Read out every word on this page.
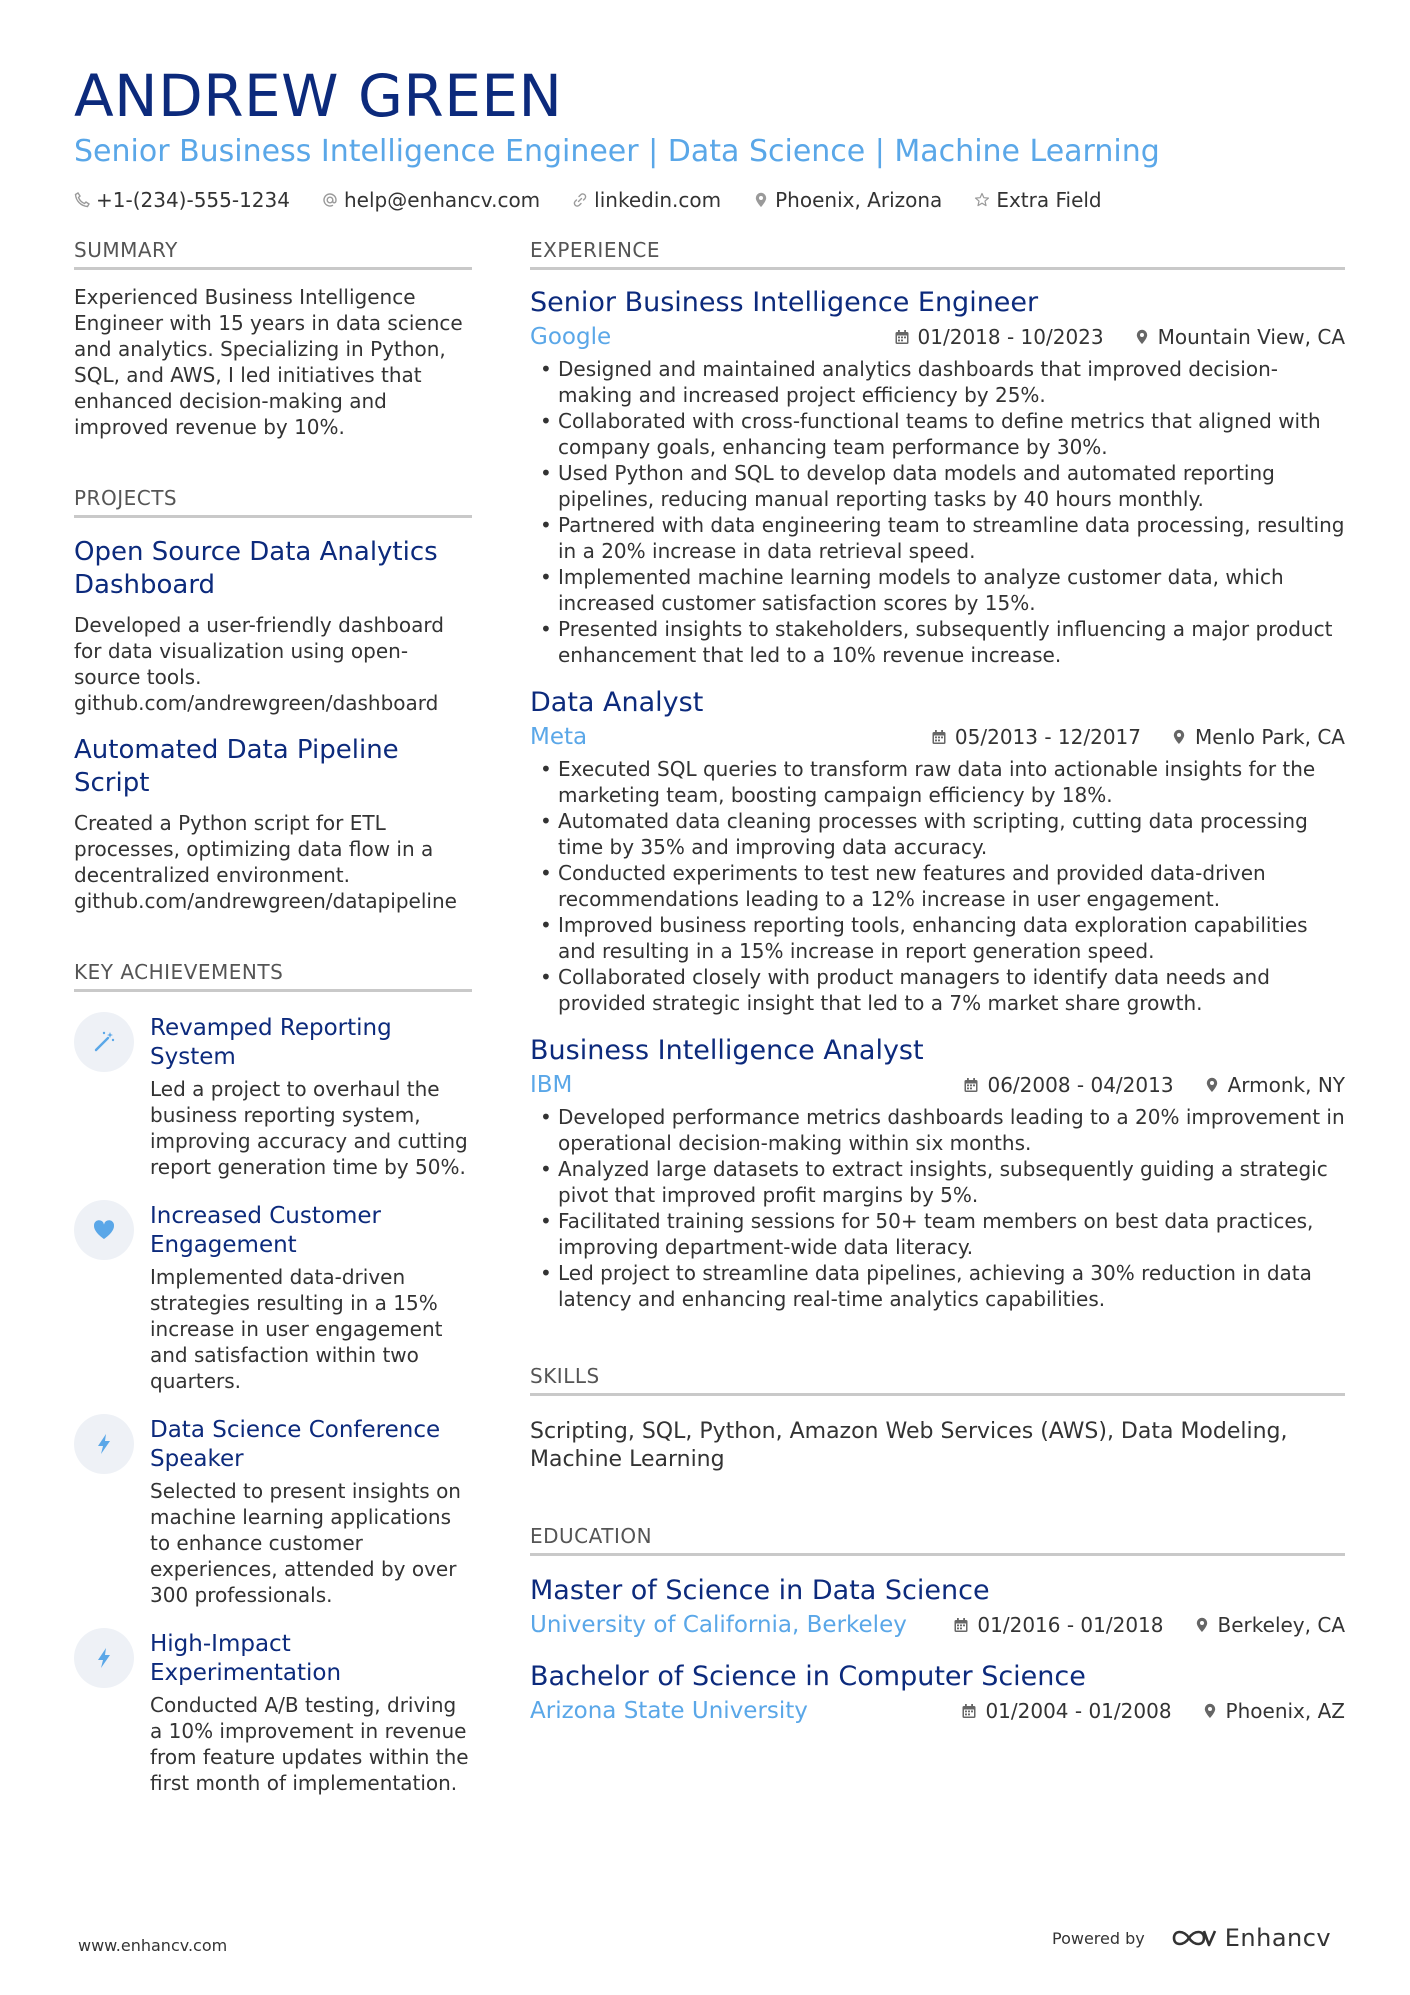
ANDREW GREEN
Senior Business Intelligence Engineer | Data Science | Machine Learning
+1-(234)-555-1234	help@enhancv.com	linkedin.com	Phoenix, Arizona	Extra Field
SUMMARY
Experienced Business Intelligence Engineer with 15 years in data science and analytics. Specializing in Python, SQL, and AWS, I led initiatives that enhanced decision-making and improved revenue by 10%.
PROJECTS
Open Source Data Analytics Dashboard
Developed a user-friendly dashboard for data visualization using open-source tools. github.com/andrewgreen/dashboard
Automated Data Pipeline Script
Created a Python script for ETL processes, optimizing data flow in a decentralized environment. github.com/andrewgreen/datapipeline
KEY ACHIEVEMENTS
Revamped Reporting System
Led a project to overhaul the business reporting system, improving accuracy and cutting report generation time by 50%.
Increased Customer Engagement
Implemented data-driven strategies resulting in a 15% increase in user engagement and satisfaction within two quarters.
Data Science Conference Speaker
Selected to present insights on machine learning applications to enhance customer experiences, attended by over 300 professionals.
High-Impact Experimentation
Conducted A/B testing, driving a 10% improvement in revenue from feature updates within the first month of implementation.
EXPERIENCE
Senior Business Intelligence Engineer
Google	01/2018 - 10/2023	Mountain View, CA
• Designed and maintained analytics dashboards that improved decision-making and increased project efficiency by 25%.
• Collaborated with cross-functional teams to define metrics that aligned with company goals, enhancing team performance by 30%.
• Used Python and SQL to develop data models and automated reporting pipelines, reducing manual reporting tasks by 40 hours monthly.
• Partnered with data engineering team to streamline data processing, resulting in a 20% increase in data retrieval speed.
• Implemented machine learning models to analyze customer data, which increased customer satisfaction scores by 15%.
• Presented insights to stakeholders, subsequently influencing a major product enhancement that led to a 10% revenue increase.
Data Analyst
Meta	05/2013 - 12/2017	Menlo Park, CA
• Executed SQL queries to transform raw data into actionable insights for the marketing team, boosting campaign efficiency by 18%.
• Automated data cleaning processes with scripting, cutting data processing time by 35% and improving data accuracy.
• Conducted experiments to test new features and provided data-driven recommendations leading to a 12% increase in user engagement.
• Improved business reporting tools, enhancing data exploration capabilities and resulting in a 15% increase in report generation speed.
• Collaborated closely with product managers to identify data needs and provided strategic insight that led to a 7% market share growth.
Business Intelligence Analyst
IBM	06/2008 - 04/2013	Armonk, NY
• Developed performance metrics dashboards leading to a 20% improvement in operational decision-making within six months.
• Analyzed large datasets to extract insights, subsequently guiding a strategic pivot that improved profit margins by 5%.
• Facilitated training sessions for 50+ team members on best data practices, improving department-wide data literacy.
• Led project to streamline data pipelines, achieving a 30% reduction in data latency and enhancing real-time analytics capabilities.
SKILLS
Scripting, SQL, Python, Amazon Web Services (AWS), Data Modeling, Machine Learning
EDUCATION
Master of Science in Data Science
University of California, Berkeley	01/2016 - 01/2018	Berkeley, CA
Bachelor of Science in Computer Science
Arizona State University	01/2004 - 01/2008	Phoenix, AZ
www.enhancv.com	Powered by	Enhancv
